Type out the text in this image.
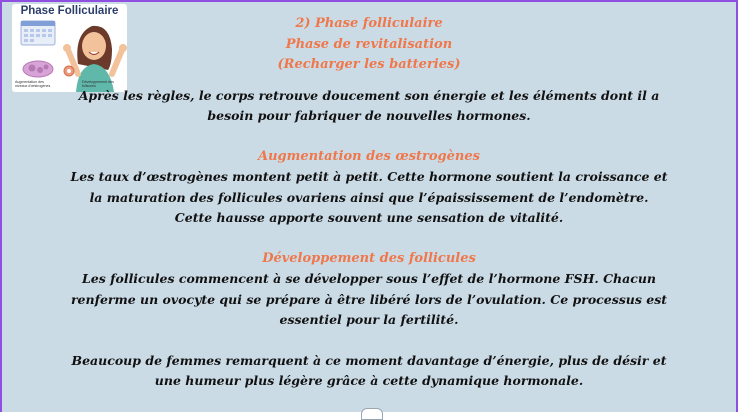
Phase Folliculaire
Augmentation des niveaux d'œstrogènes
Développement des follicules
2) Phase folliculaire
Phase de revitalisation
(Recharger les batteries)
Après les règles, le corps retrouve doucement son énergie et les éléments dont il a
besoin pour fabriquer de nouvelles hormones.
Augmentation des œstrogènes
Les taux d’œstrogènes montent petit à petit. Cette hormone soutient la croissance et
la maturation des follicules ovariens ainsi que l’épaississement de l’endomètre.
Cette hausse apporte souvent une sensation de vitalité.
Développement des follicules
Les follicules commencent à se développer sous l’effet de l’hormone FSH. Chacun
renferme un ovocyte qui se prépare à être libéré lors de l’ovulation. Ce processus est
essentiel pour la fertilité.
Beaucoup de femmes remarquent à ce moment davantage d’énergie, plus de désir et
une humeur plus légère grâce à cette dynamique hormonale.
